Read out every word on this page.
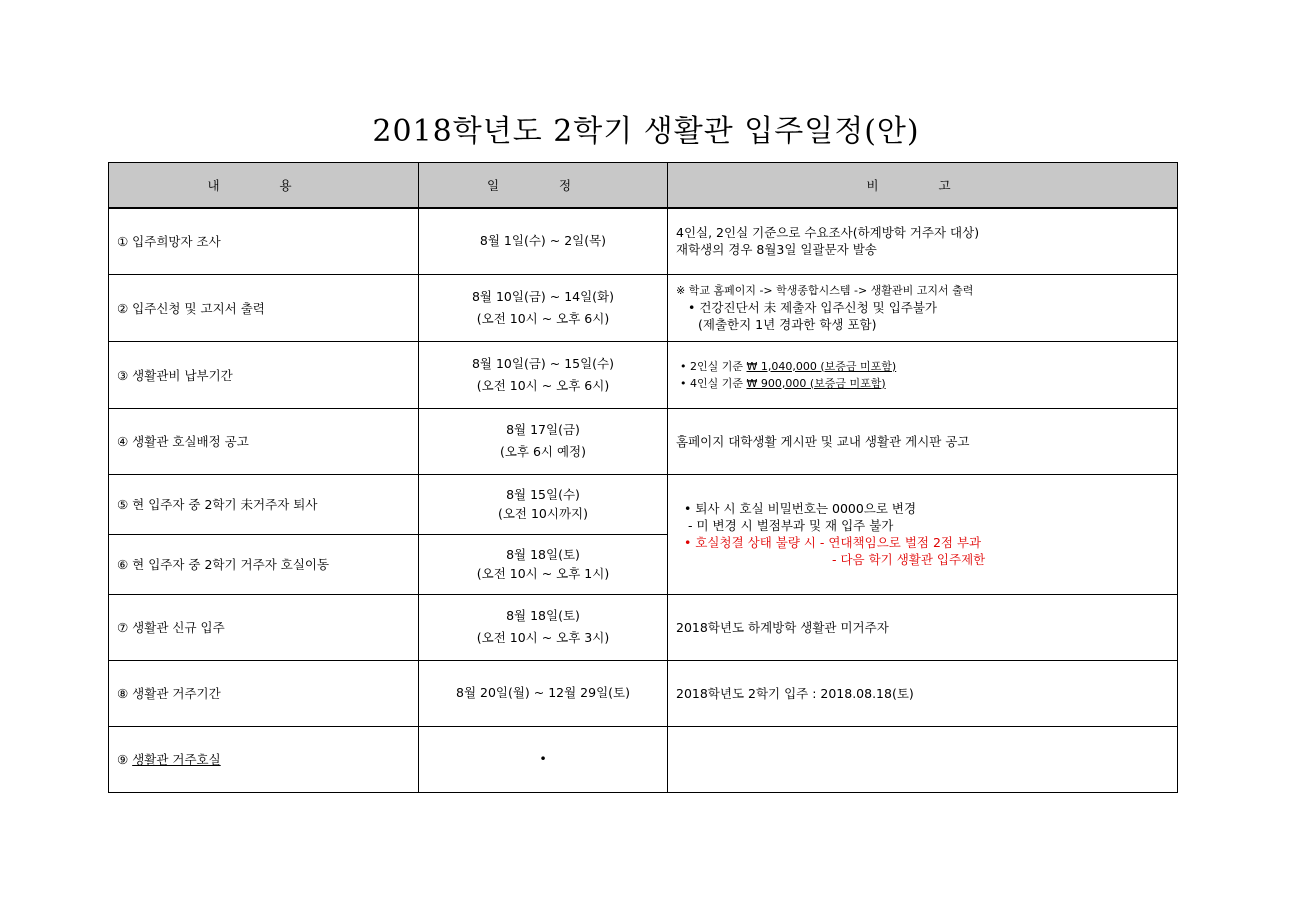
2018학년도 2학기 생활관 입주일정(안)
내 용	일 정	비 고
① 입주희망자 조사	8월 1일(수) ~ 2일(목)	4인실, 2인실 기준으로 수요조사(하계방학 거주자 대상)
재학생의 경우 8월3일 일괄문자 발송

② 입주신청 및 고지서 출력	8월 10일(금) ~ 14일(화)
(오전 10시 ~ 오후 6시)	※ 학교 홈페이지 -> 학생종합시스템 -> 생활관비 고지서 출력
• 건강진단서 未 제출자 입주신청 및 입주불가
(제출한지 1년 경과한 학생 포함)

③ 생활관비 납부기간	8월 10일(금) ~ 15일(수)
(오전 10시 ~ 오후 6시)	• 2인실 기준 ₩ 1,040,000 (보증금 미포함)
• 4인실 기준 ₩ 900,000 (보증금 미포함)

④ 생활관 호실배정 공고	8월 17일(금)
(오후 6시 예정)	홈페이지 대학생활 게시판 및 교내 생활관 게시판 공고

⑤ 현 입주자 중 2학기 未거주자 퇴사	8월 15일(수)
(오전 10시까지)	• 퇴사 시 호실 비밀번호는 0000으로 변경
- 미 변경 시 벌점부과 및 재 입주 불가
• 호실청결 상태 불량 시 - 연대책임으로 벌점 2점 부과
- 다음 학기 생활관 입주제한

⑥ 현 입주자 중 2학기 거주자 호실이동	8월 18일(토)
(오전 10시 ~ 오후 1시)	

⑦ 생활관 신규 입주	8월 18일(토)
(오전 10시 ~ 오후 3시)	2018학년도 하계방학 생활관 미거주자

⑧ 생활관 거주기간	8월 20일(월) ~ 12월 29일(토)	2018학년도 2학기 입주 : 2018.08.18(토)

⑨ 생활관 거주호실	•	
